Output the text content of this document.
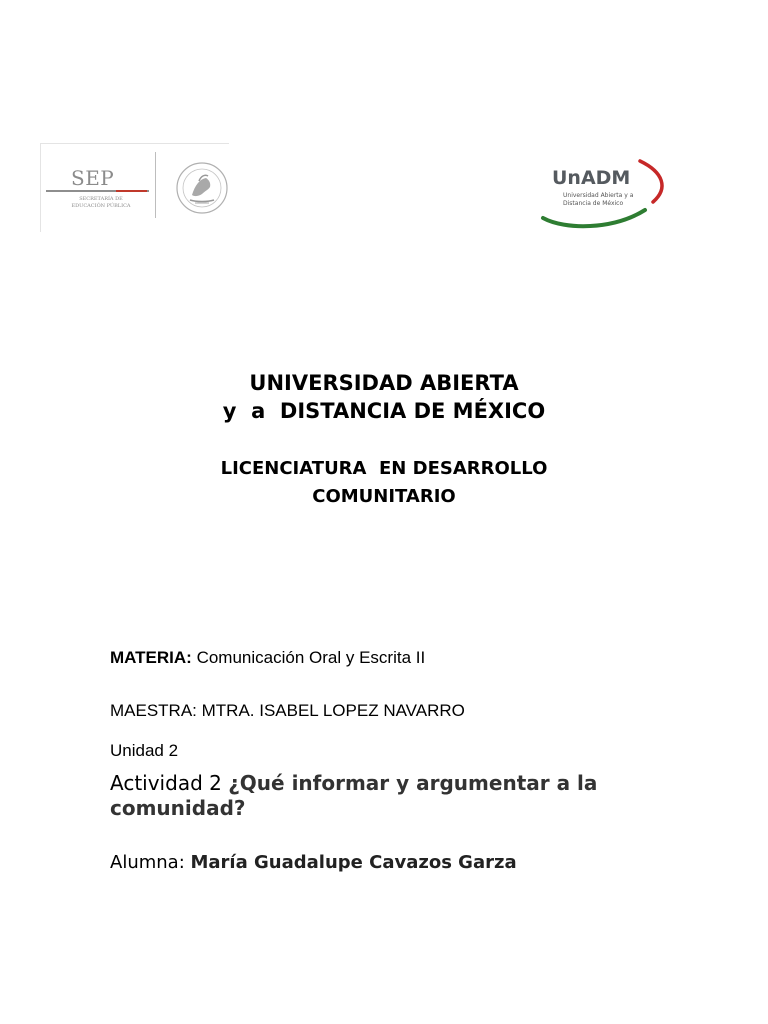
SEP
SECRETARÍA DE
EDUCACIÓN PÚBLICA
UnADM
Universidad Abierta y a
Distancia de México
UNIVERSIDAD ABIERTA
y  a  DISTANCIA DE MÉXICO
LICENCIATURA  EN DESARROLLO
COMUNITARIO
MATERIA: Comunicación Oral y Escrita II
MAESTRA: MTRA. ISABEL LOPEZ NAVARRO
Unidad 2
Actividad 2 ¿Qué informar y argumentar a la comunidad?
Alumna: María Guadalupe Cavazos Garza
